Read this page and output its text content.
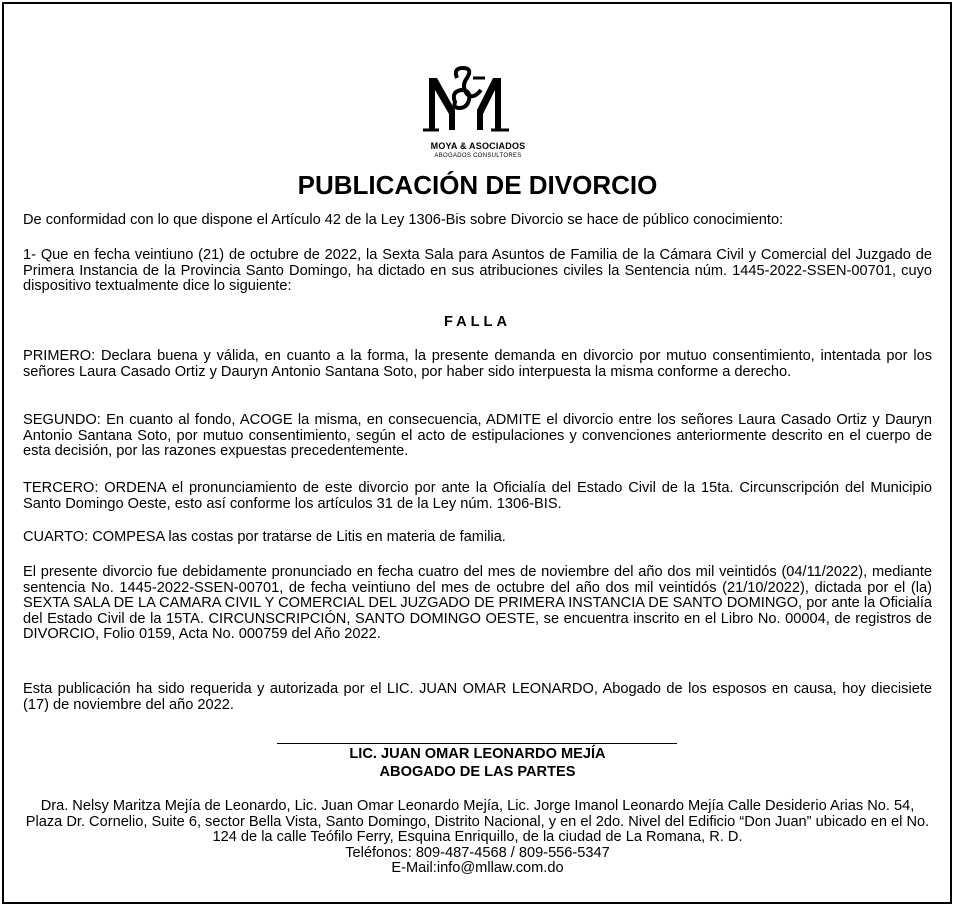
MOYA & ASOCIADOS
ABOGADOS CONSULTORES
PUBLICACIÓN DE DIVORCIO

De conformidad con lo que dispone el Artículo 42 de la Ley 1306-Bis sobre Divorcio se hace de público conocimiento:

1- Que en fecha veintiuno (21) de octubre de 2022, la Sexta Sala para Asuntos de Familia de la Cámara Civil y Comercial del Juzgado de Primera Instancia de la Provincia Santo Domingo, ha dictado en sus atribuciones civiles la Sentencia núm. 1445-2022-SSEN-00701, cuyo dispositivo textualmente dice lo siguiente:

FALLA

PRIMERO: Declara buena y válida, en cuanto a la forma, la presente demanda en divorcio por mutuo consentimiento, intentada por los señores Laura Casado Ortiz y Dauryn Antonio Santana Soto, por haber sido interpuesta la misma conforme a derecho.

SEGUNDO: En cuanto al fondo, ACOGE la misma, en consecuencia, ADMITE el divorcio entre los señores Laura Casado Ortiz y Dauryn Antonio Santana Soto, por mutuo consentimiento, según el acto de estipulaciones y convenciones anteriormente descrito en el cuerpo de esta decisión, por las razones expuestas precedentemente.

TERCERO: ORDENA el pronunciamiento de este divorcio por ante la Oficialía del Estado Civil de la 15ta. Circunscripción del Municipio Santo Domingo Oeste, esto así conforme los artículos 31 de la Ley núm. 1306-BIS.

CUARTO: COMPESA las costas por tratarse de Litis en materia de familia.

El presente divorcio fue debidamente pronunciado en fecha cuatro del mes de noviembre del año dos mil veintidós (04/11/2022), mediante sentencia No. 1445-2022-SSEN-00701, de fecha veintiuno del mes de octubre del año dos mil veintidós (21/10/2022), dictada por el (la) SEXTA SALA DE LA CAMARA CIVIL Y COMERCIAL DEL JUZGADO DE PRIMERA INSTANCIA DE SANTO DOMINGO, por ante la Oficialía del Estado Civil de la 15TA. CIRCUNSCRIPCIÓN, SANTO DOMINGO OESTE, se encuentra inscrito en el Libro No. 00004, de registros de DIVORCIO, Folio 0159, Acta No. 000759 del Año 2022.

Esta publicación ha sido requerida y autorizada por el LIC. JUAN OMAR LEONARDO, Abogado de los esposos en causa, hoy diecisiete (17) de noviembre del año 2022.

LIC. JUAN OMAR LEONARDO MEJÍA
ABOGADO DE LAS PARTES
Dra. Nelsy Maritza Mejía de Leonardo, Lic. Juan Omar Leonardo Mejía, Lic. Jorge Imanol Leonardo Mejía Calle Desiderio Arias No. 54, Plaza Dr. Cornelio, Suite 6, sector Bella Vista, Santo Domingo, Distrito Nacional, y en el 2do. Nivel del Edificio “Don Juan” ubicado en el No. 124 de la calle Teófilo Ferry, Esquina Enriquillo, de la ciudad de La Romana, R. D.
Teléfonos: 809-487-4568 / 809-556-5347
E-Mail:info@mllaw.com.do
